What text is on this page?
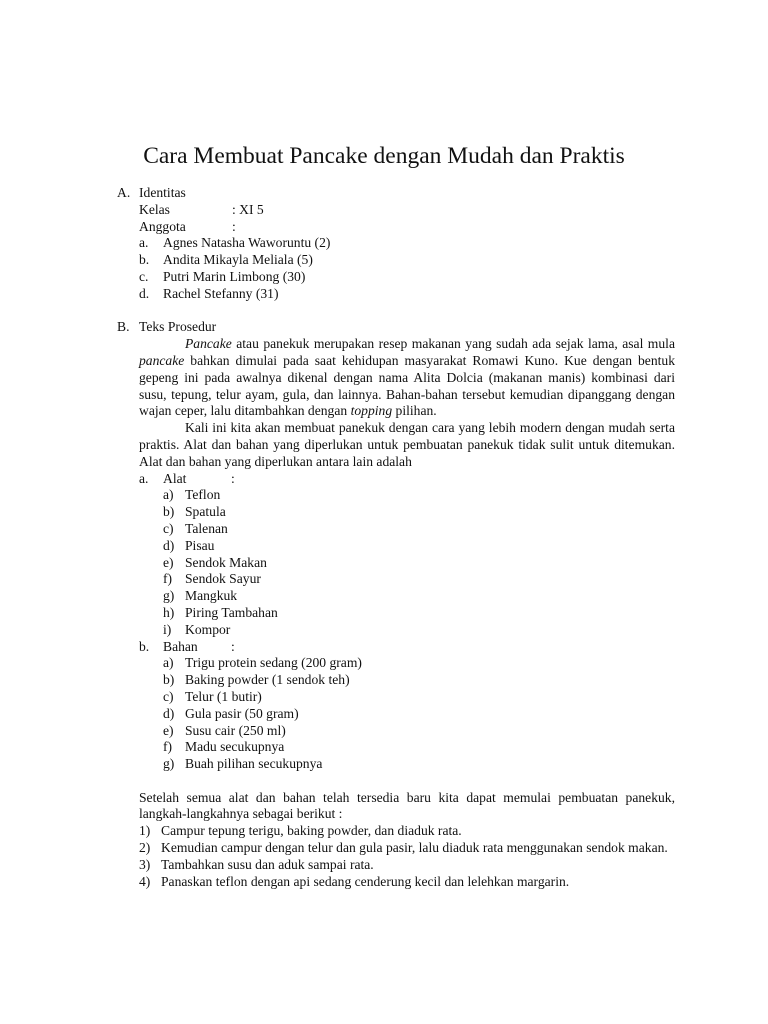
Cara Membuat Pancake dengan Mudah dan Praktis
A. Identitas
Kelas	: XI 5
Anggota	:
a. Agnes Natasha Waworuntu (2)
b. Andita Mikayla Meliala (5)
c. Putri Marin Limbong (30)
d. Rachel Stefanny (31)
B. Teks Prosedur
Pancake atau panekuk merupakan resep makanan yang sudah ada sejak lama, asal mula pancake bahkan dimulai pada saat kehidupan masyarakat Romawi Kuno. Kue dengan bentuk gepeng ini pada awalnya dikenal dengan nama Alita Dolcia (makanan manis) kombinasi dari susu, tepung, telur ayam, gula, dan lainnya. Bahan-bahan tersebut kemudian dipanggang dengan wajan ceper, lalu ditambahkan dengan topping pilihan.
Kali ini kita akan membuat panekuk dengan cara yang lebih modern dengan mudah serta praktis. Alat dan bahan yang diperlukan untuk pembuatan panekuk tidak sulit untuk ditemukan. Alat dan bahan yang diperlukan antara lain adalah
a. Alat	:
a) Teflon
b) Spatula
c) Talenan
d) Pisau
e) Sendok Makan
f) Sendok Sayur
g) Mangkuk
h) Piring Tambahan
i) Kompor
b. Bahan :
a) Trigu protein sedang (200 gram)
b) Baking powder (1 sendok teh)
c) Telur (1 butir)
d) Gula pasir (50 gram)
e) Susu cair (250 ml)
f) Madu secukupnya
g) Buah pilihan secukupnya
Setelah semua alat dan bahan telah tersedia baru kita dapat memulai pembuatan panekuk, langkah-langkahnya sebagai berikut :
1) Campur tepung terigu, baking powder, dan diaduk rata.
2) Kemudian campur dengan telur dan gula pasir, lalu diaduk rata menggunakan sendok makan.
3) Tambahkan susu dan aduk sampai rata.
4) Panaskan teflon dengan api sedang cenderung kecil dan lelehkan margarin.
